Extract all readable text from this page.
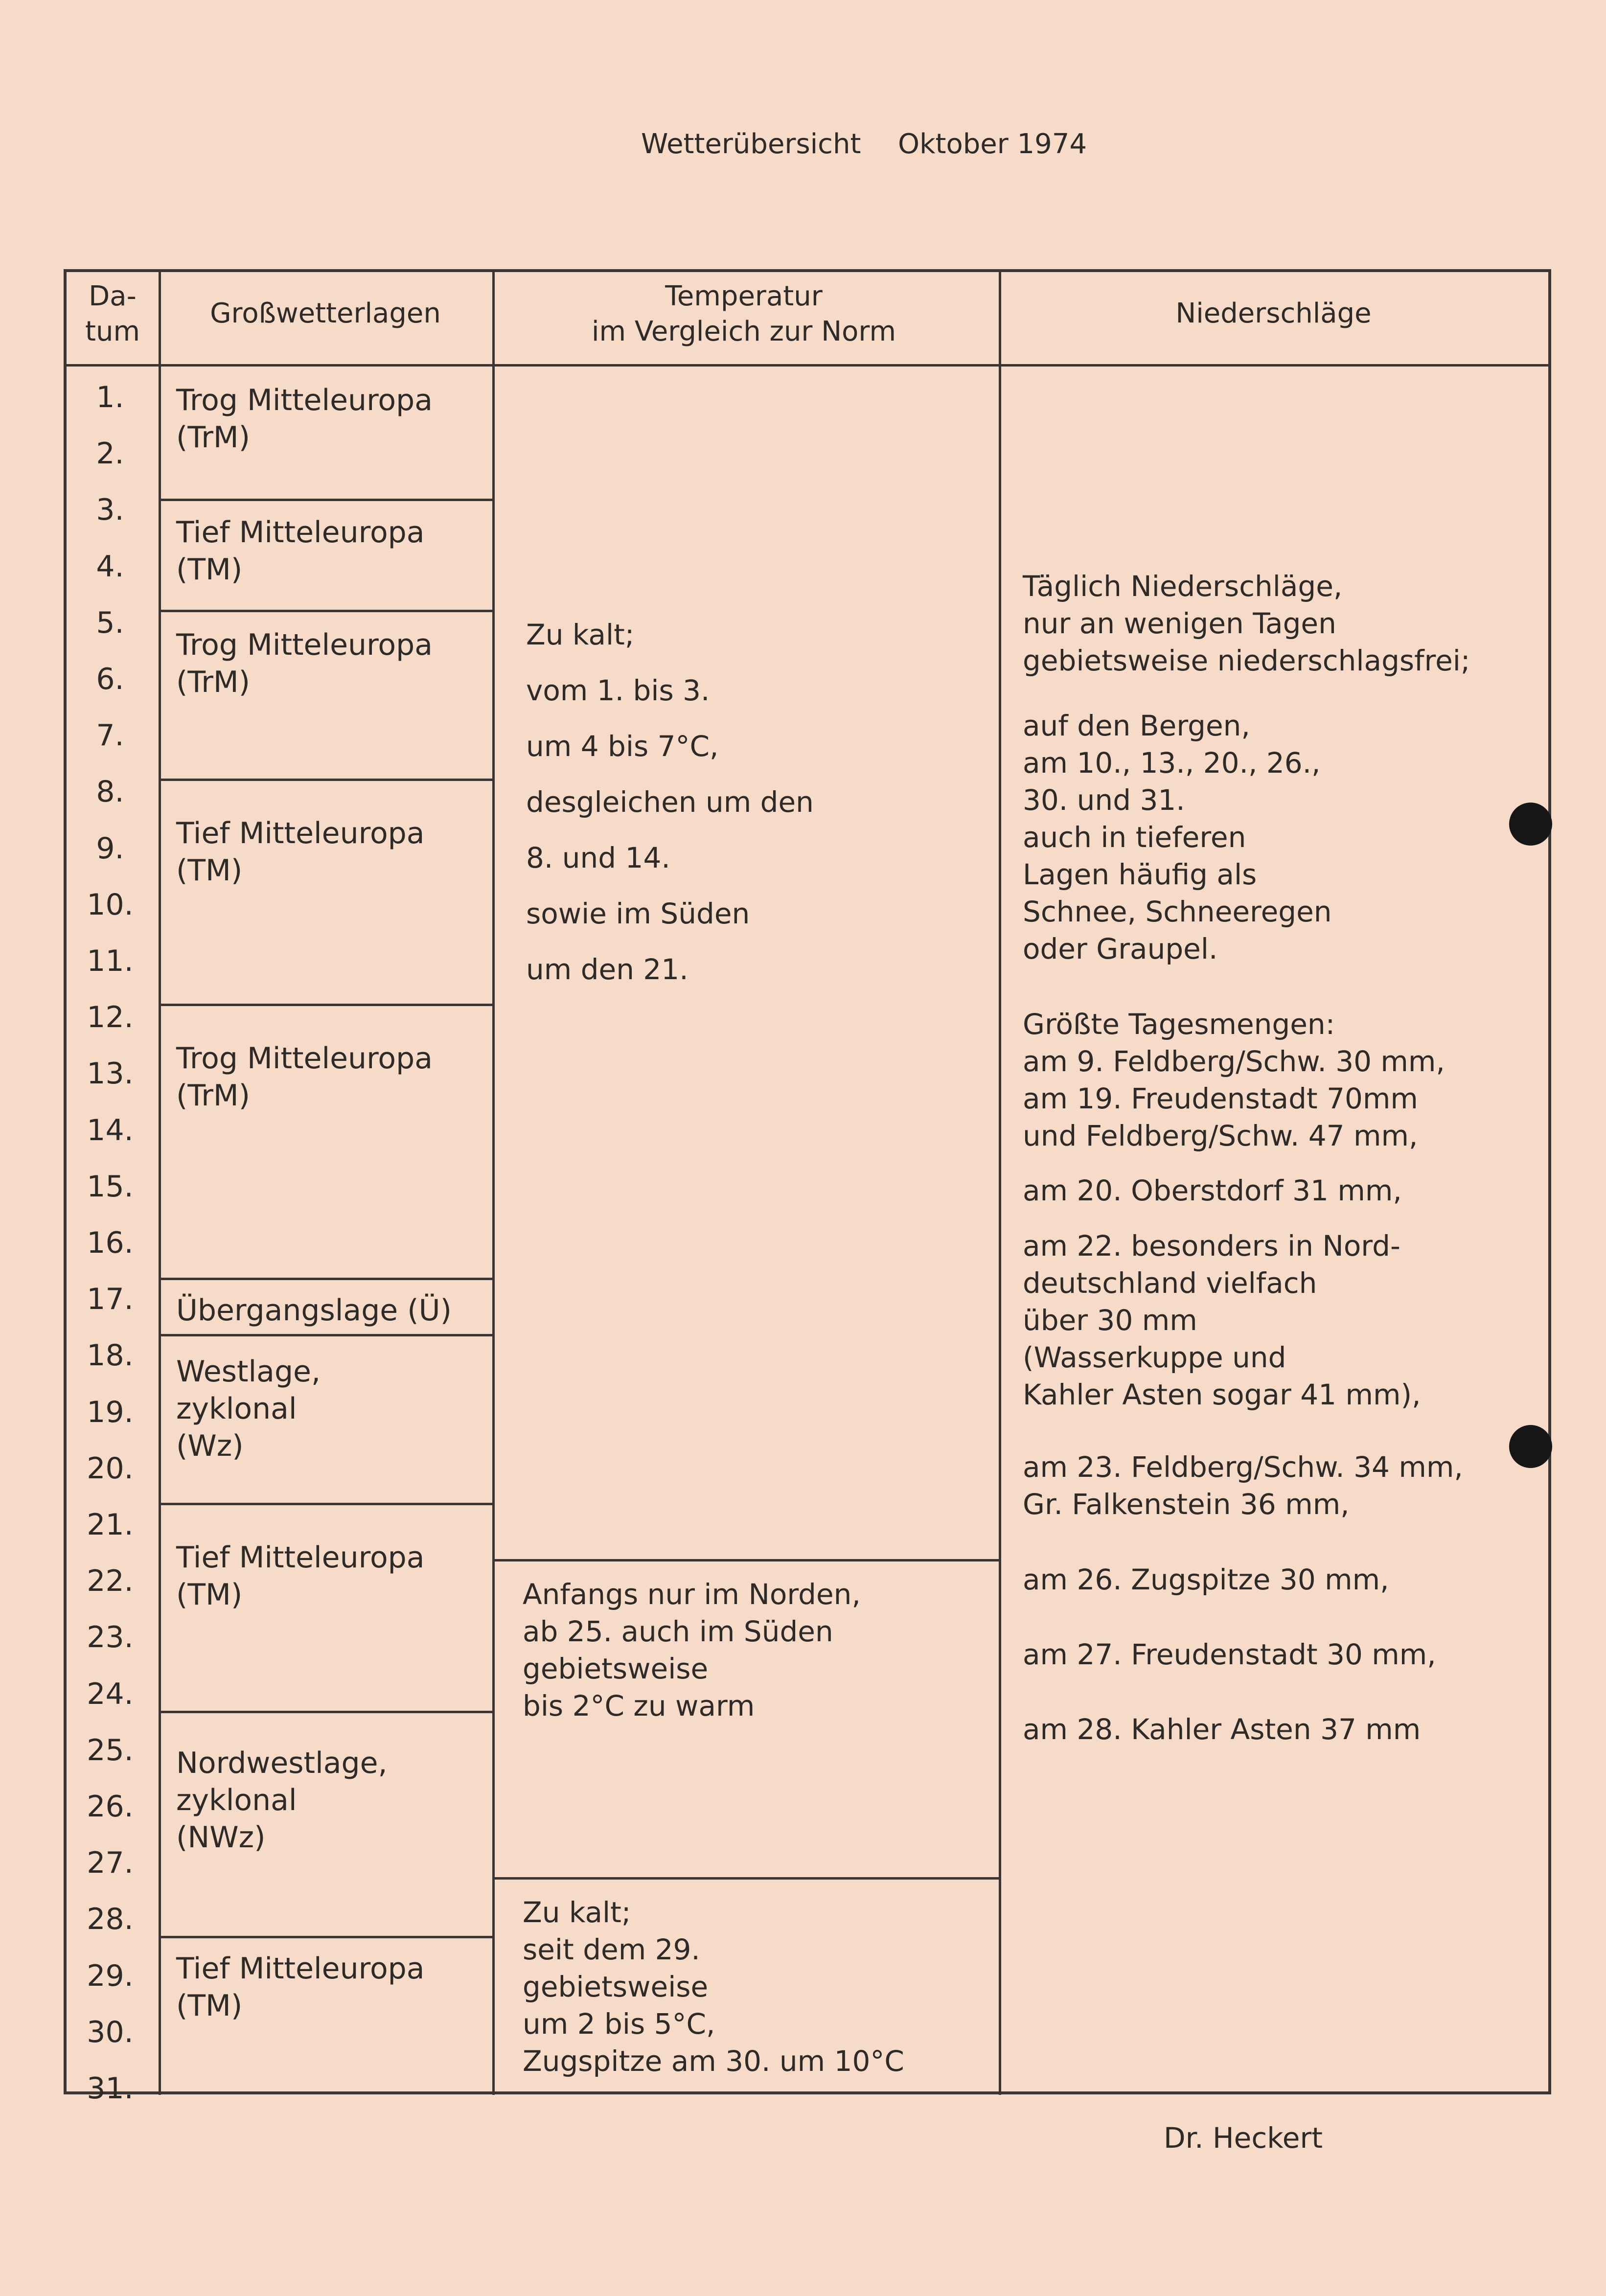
Wetterübersicht Oktober 1974
Da-
tum
Großwetterlagen
Temperatur
im Vergleich zur Norm
Niederschläge
1.
2.
3.
4.
5.
6.
7.
8.
9.
10.
11.
12.
13.
14.
15.
16.
17.
18.
19.
20.
21.
22.
23.
24.
25.
26.
27.
28.
29.
30.
31.
Trog Mitteleuropa
(TrM)
Tief Mitteleuropa
(TM)
Trog Mitteleuropa
(TrM)
Tief Mitteleuropa
(TM)
Trog Mitteleuropa
(TrM)
Übergangslage (Ü)
Westlage,
zyklonal
(Wz)
Tief Mitteleuropa
(TM)
Nordwestlage,
zyklonal
(NWz)
Tief Mitteleuropa
(TM)
Zu kalt;
vom 1. bis 3.
um 4 bis 7°C,
desgleichen um den
8. und 14.
sowie im Süden
um den 21.
Anfangs nur im Norden,
ab 25. auch im Süden
gebietsweise
bis 2°C zu warm
Zu kalt;
seit dem 29.
gebietsweise
um 2 bis 5°C,
Zugspitze am 30. um 10°C
Täglich Niederschläge,
nur an wenigen Tagen
gebietsweise niederschlagsfrei;
auf den Bergen,
am 10., 13., 20., 26.,
30. und 31.
auch in tieferen
Lagen häufig als
Schnee, Schneeregen
oder Graupel.
Größte Tagesmengen:
am 9. Feldberg/Schw. 30 mm,
am 19. Freudenstadt 70mm
und Feldberg/Schw. 47 mm,
am 20. Oberstdorf 31 mm,
am 22. besonders in Nord-
deutschland vielfach
über 30 mm
(Wasserkuppe und
Kahler Asten sogar 41 mm),
am 23. Feldberg/Schw. 34 mm,
Gr. Falkenstein 36 mm,
am 26. Zugspitze 30 mm,
am 27. Freudenstadt 30 mm,
am 28. Kahler Asten 37 mm
Dr. Heckert
